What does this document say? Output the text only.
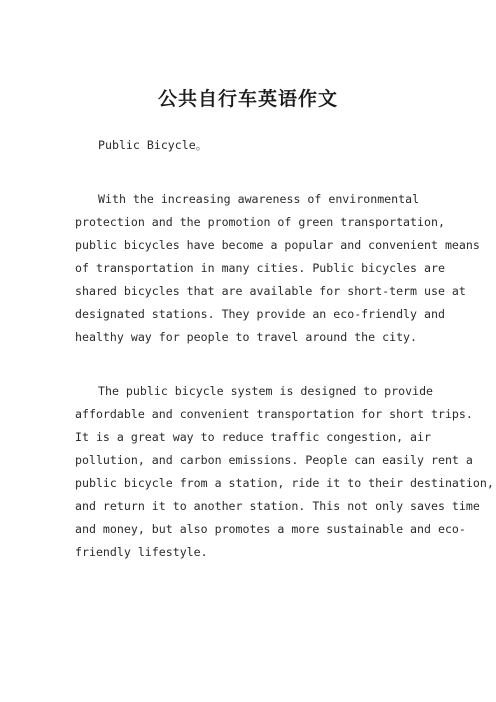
公共自行车英语作文
Public Bicycle。
With the increasing awareness of environmental
protection and the promotion of green transportation,
public bicycles have become a popular and convenient means
of transportation in many cities. Public bicycles are
shared bicycles that are available for short-term use at
designated stations. They provide an eco-friendly and
healthy way for people to travel around the city.
The public bicycle system is designed to provide
affordable and convenient transportation for short trips.
It is a great way to reduce traffic congestion, air
pollution, and carbon emissions. People can easily rent a
public bicycle from a station, ride it to their destination,
and return it to another station. This not only saves time
and money, but also promotes a more sustainable and eco-
friendly lifestyle.
